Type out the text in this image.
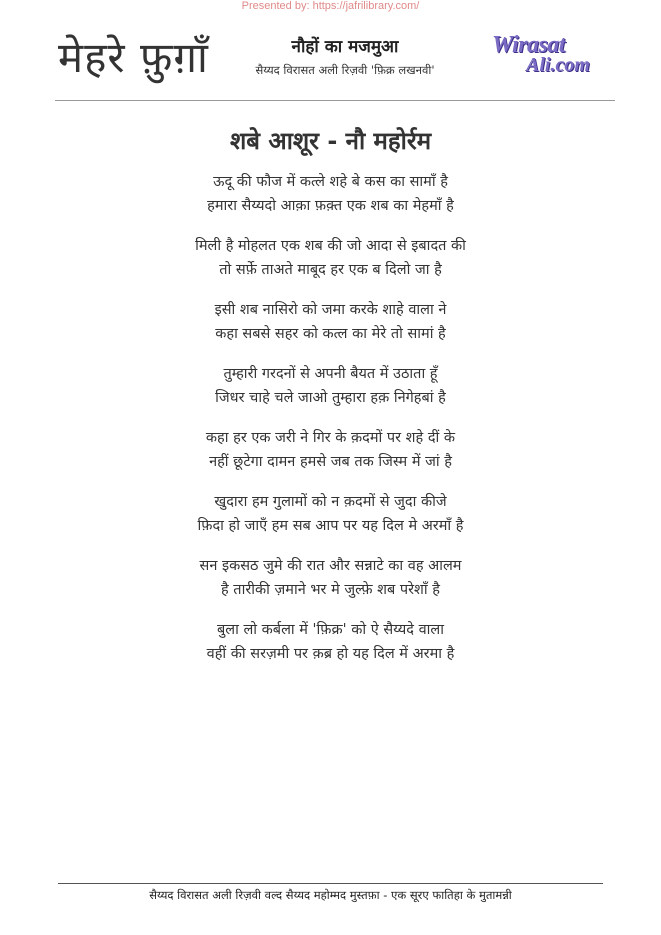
Presented by: https://jafrilibrary.com/
मेहरे फ़ुग़ाँ	नौहों का मजमुआ
सैय्यद विरासत अली रिज़वी 'फ़िक्र लखनवी'
Wirasat
Ali.com
शबे आशूर - नौ महोर्रम
ऊदू की फौज में कत्ले शहे बे कस का सामाँ है
हमारा सैय्यदो आक़ा फ़क़्त एक शब का मेहमाँ है
मिली है मोहलत एक शब की जो आदा से इबादत की
तो सर्फ़े ताअते माबूद हर एक ब दिलो जा है
इसी शब नासिरो को जमा करके शाहे वाला ने
कहा सबसे सहर को कत्ल का मेरे तो सामां है
तुम्हारी गरदनों से अपनी बैयत में उठाता हूँ
जिधर चाहे चले जाओ तुम्हारा हक़ निगेहबां है
कहा हर एक जरी ने गिर के क़दमों पर शहे दीं के
नहीं छूटेगा दामन हमसे जब तक जिस्म में जां है
खुदारा हम गुलामों को न क़दमों से जुदा कीजे
फ़िदा हो जाएँ हम सब आप पर यह दिल मे अरमाँ है
सन इकसठ जुमे की रात और सन्नाटे का वह आलम
है तारीकी ज़माने भर मे जुल्फ़े शब परेशाँ है
बुला लो कर्बला में 'फ़िक्र' को ऐ सैय्यदे वाला
वहीं की सरज़मी पर क़ब्र हो यह दिल में अरमा है
सैय्यद विरासत अली रिज़वी वल्द सैय्यद महोम्मद मुस्तफ़ा - एक सूरए फातिहा के मुतामन्नी
